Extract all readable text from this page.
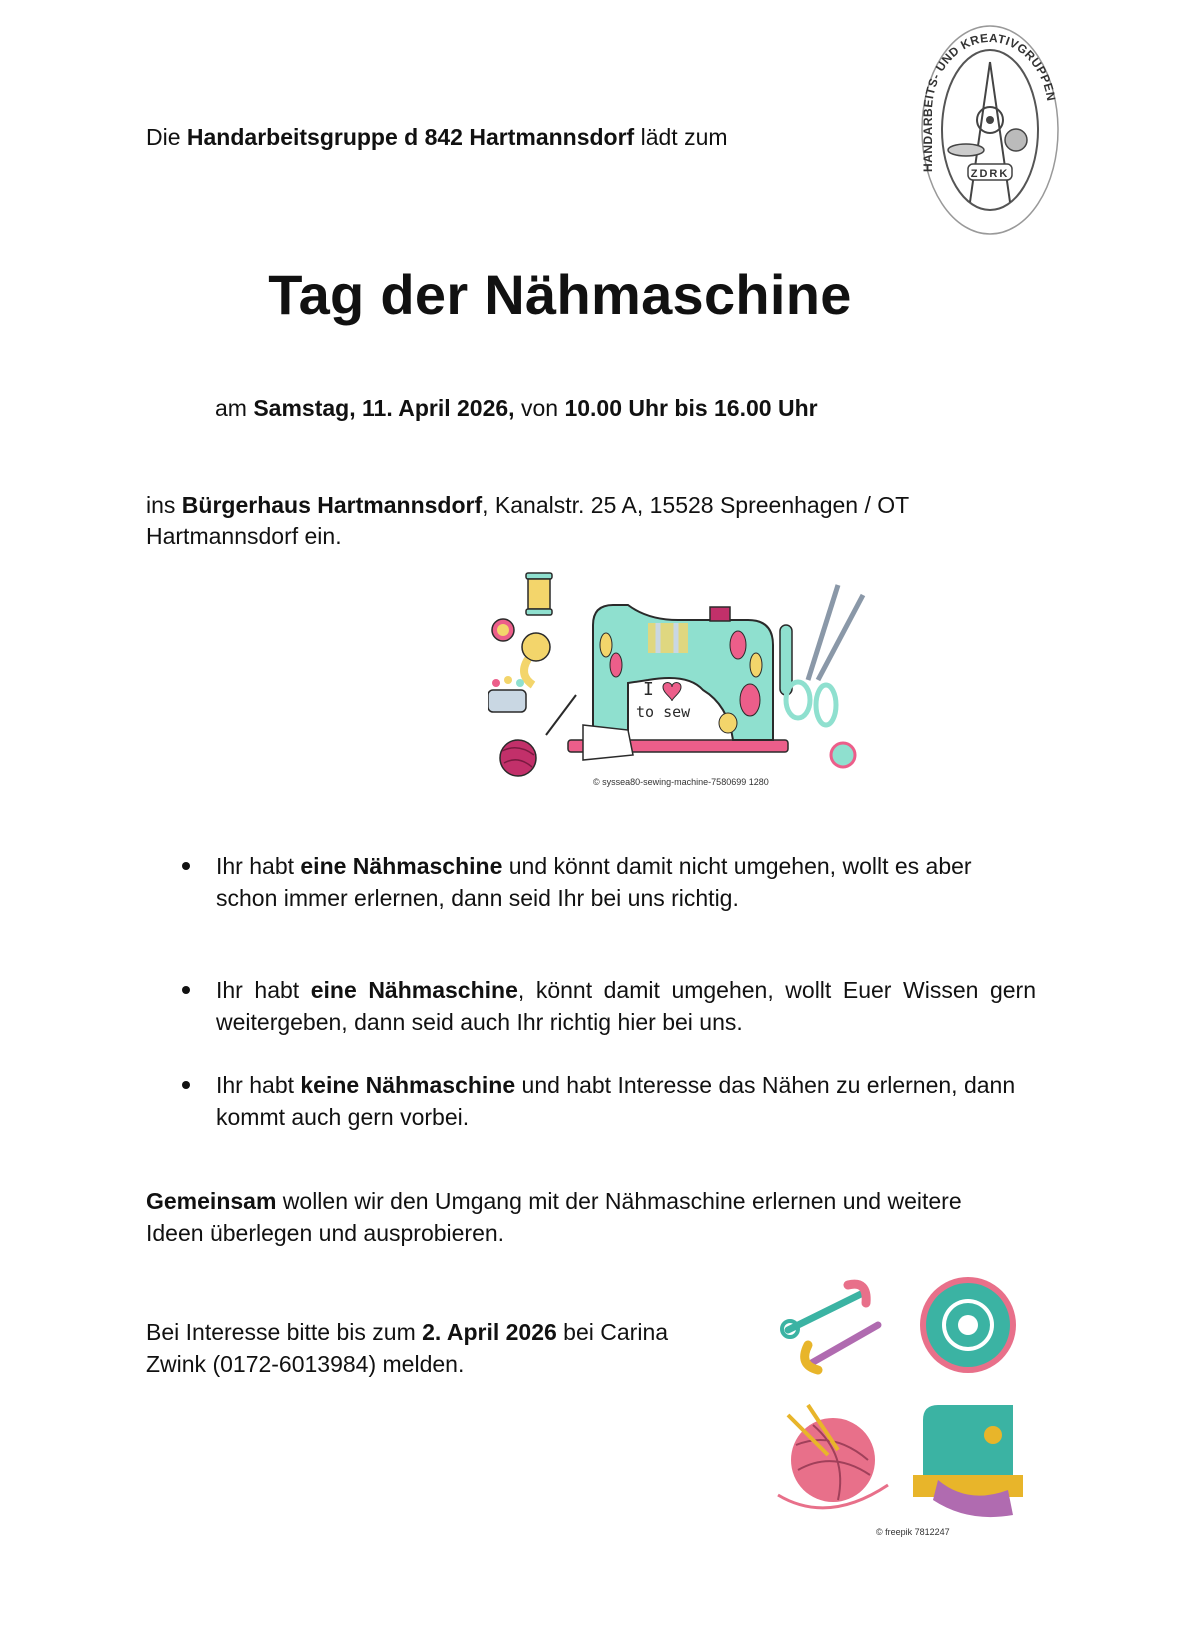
HANDARBEITS- UND KREATIVGRUPPEN
ZDRK
Die Handarbeitsgruppe d 842 Hartmannsdorf lädt zum
Tag der Nähmaschine
am Samstag, 11. April 2026, von 10.00 Uhr bis 16.00 Uhr
ins Bürgerhaus Hartmannsdorf, Kanalstr. 25 A, 15528 Spreenhagen / OT Hartmannsdorf ein.
I
to sew
© syssea80-sewing-machine-7580699 1280
Ihr habt eine Nähmaschine und könnt damit nicht umgehen, wollt es aber schon immer erlernen, dann seid Ihr bei uns richtig.
Ihr habt eine Nähmaschine, könnt damit umgehen, wollt Euer Wissen gern weitergeben, dann seid auch Ihr richtig hier bei uns.
Ihr habt keine Nähmaschine und habt Interesse das Nähen zu erlernen, dann kommt auch gern vorbei.
Gemeinsam wollen wir den Umgang mit der Nähmaschine erlernen und weitere Ideen überlegen und ausprobieren.
Bei Interesse bitte bis zum 2. April 2026 bei Carina Zwink (0172-6013984) melden.
© freepik 7812247
